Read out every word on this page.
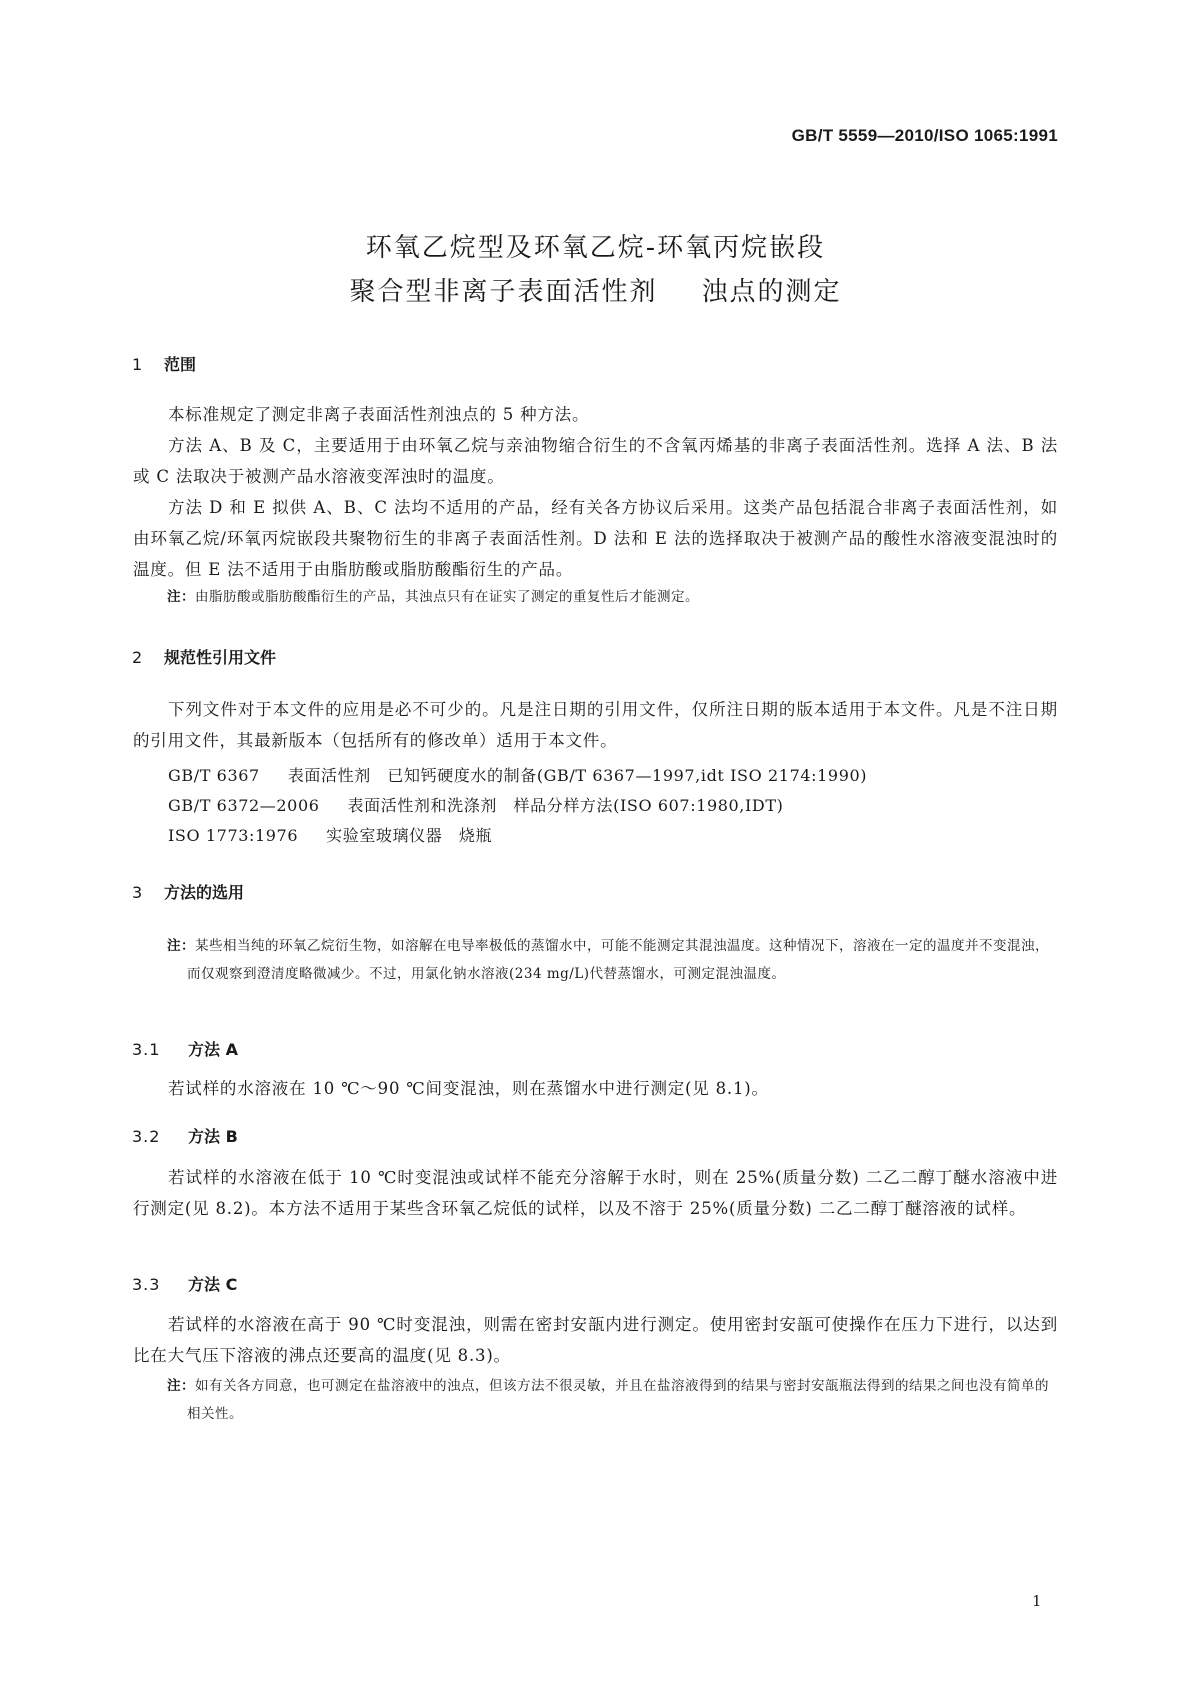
GB/T 5559—2010/ISO 1065:1991
环氧乙烷型及环氧乙烷-环氧丙烷嵌段
聚合型非离子表面活性剂 浊点的测定
1 范围
本标准规定了测定非离子表面活性剂浊点的 5 种方法。
方法 A、B 及 C，主要适用于由环氧乙烷与亲油物缩合衍生的不含氧丙烯基的非离子表面活性剂。选择 A 法、B 法或 C 法取决于被测产品水溶液变浑浊时的温度。
方法 D 和 E 拟供 A、B、C 法均不适用的产品，经有关各方协议后采用。这类产品包括混合非离子表面活性剂，如由环氧乙烷/环氧丙烷嵌段共聚物衍生的非离子表面活性剂。D 法和 E 法的选择取决于被测产品的酸性水溶液变混浊时的温度。但 E 法不适用于由脂肪酸或脂肪酸酯衍生的产品。
注：由脂肪酸或脂肪酸酯衍生的产品，其浊点只有在证实了测定的重复性后才能测定。
2 规范性引用文件
下列文件对于本文件的应用是必不可少的。凡是注日期的引用文件，仅所注日期的版本适用于本文件。凡是不注日期的引用文件，其最新版本（包括所有的修改单）适用于本文件。
GB/T 6367 表面活性剂　已知钙硬度水的制备(GB/T 6367—1997,idt ISO 2174:1990)
GB/T 6372—2006 表面活性剂和洗涤剂　样品分样方法(ISO 607:1980,IDT)
ISO 1773:1976 实验室玻璃仪器　烧瓶
3 方法的选用
注：某些相当纯的环氧乙烷衍生物，如溶解在电导率极低的蒸馏水中，可能不能测定其混浊温度。这种情况下，溶液在一定的温度并不变混浊，而仅观察到澄清度略微减少。不过，用氯化钠水溶液(234 mg/L)代替蒸馏水，可测定混浊温度。
3.1 方法 A
若试样的水溶液在 10 ℃～90 ℃间变混浊，则在蒸馏水中进行测定(见 8.1)。
3.2 方法 B
若试样的水溶液在低于 10 ℃时变混浊或试样不能充分溶解于水时，则在 25%(质量分数) 二乙二醇丁醚水溶液中进行测定(见 8.2)。本方法不适用于某些含环氧乙烷低的试样，以及不溶于 25%(质量分数) 二乙二醇丁醚溶液的试样。
3.3 方法 C
若试样的水溶液在高于 90 ℃时变混浊，则需在密封安瓿内进行测定。使用密封安瓿可使操作在压力下进行，以达到比在大气压下溶液的沸点还要高的温度(见 8.3)。
注：如有关各方同意，也可测定在盐溶液中的浊点，但该方法不很灵敏，并且在盐溶液得到的结果与密封安瓿瓶法得到的结果之间也没有简单的相关性。
1
